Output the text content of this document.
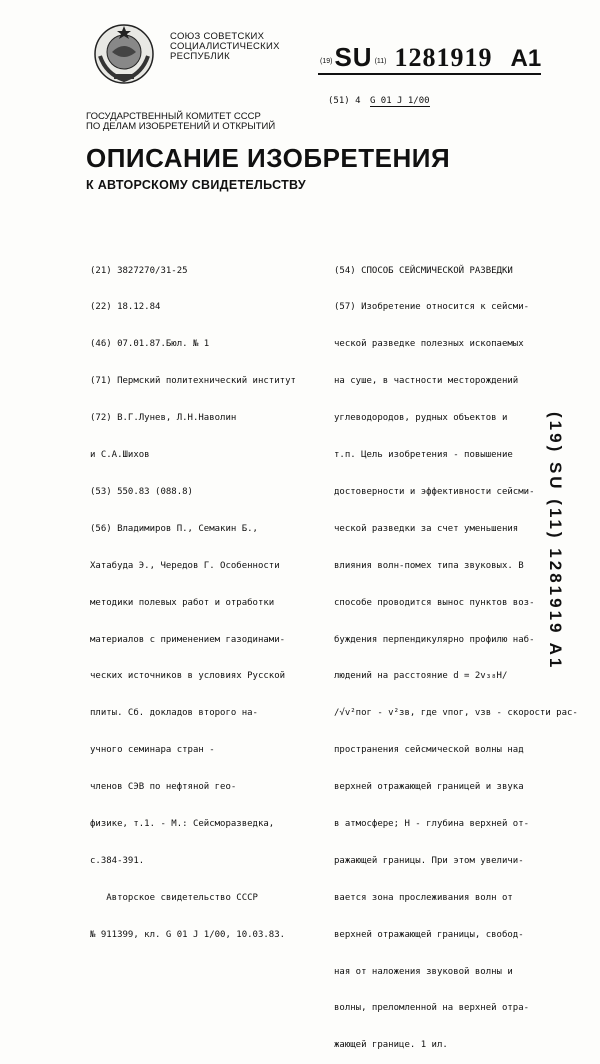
СОЮЗ СОВЕТСКИХ
СОЦИАЛИСТИЧЕСКИХ
РЕСПУБЛИК	(19)SU (11) 1281919 A1
(51) 4 G 01 J 1/00
ГОСУДАРСТВЕННЫЙ КОМИТЕТ СССР
ПО ДЕЛАМ ИЗОБРЕТЕНИЙ И ОТКРЫТИЙ
ОПИСАНИЕ ИЗОБРЕТЕНИЯ
К АВТОРСКОМУ СВИДЕТЕЛЬСТВУ

(21) 3827270/31-25

(22) 18.12.84

(46) 07.01.87.Бюл. № 1

(71) Пермский политехнический институт

(72) В.Г.Лунев, Л.Н.Наволин

и С.А.Шихов

(53) 550.83 (088.8)

(56) Владимиров П., Семакин Б.,

Хатабуда Э., Чередов Г. Особенности

методики полевых работ и отработки

материалов с применением газодинами-

ческих источников в условиях Русской

плиты. Сб. докладов второго на-

учного семинара стран -

членов СЭВ по нефтяной гео-

физике, т.1. - М.: Сейсморазведка,

с.384-391.

Авторское свидетельство СССР

№ 911399, кл. G 01 J 1/00, 10.03.83.

(54) СПОСОБ СЕЙСМИЧЕСКОЙ РАЗВЕДКИ

(57) Изобретение относится к сейсми-

ческой разведке полезных ископаемых

на суше, в частности месторождений

углеводородов, рудных объектов и

т.п. Цель изобретения - повышение

достоверности и эффективности сейсми-

ческой разведки за счет уменьшения

влияния волн-помех типа звуковых. В

способе проводится вынос пунктов воз-

буждения перпендикулярно профилю наб-

людений на расстояние d = 2v₃₈H/

/√v²пог - v²зв, где vпог, vзв - скорости рас-

пространения сейсмической волны над

верхней отражающей границей и звука

в атмосфере; H - глубина верхней от-

ражающей границы. При этом увеличи-

вается зона прослеживания волн от

верхней отражающей границы, свобод-

ная от наложения звуковой волны и

волны, преломленной на верхней отра-

жающей границе. 1 ил.

(19) SU (11) 1281919 A1
